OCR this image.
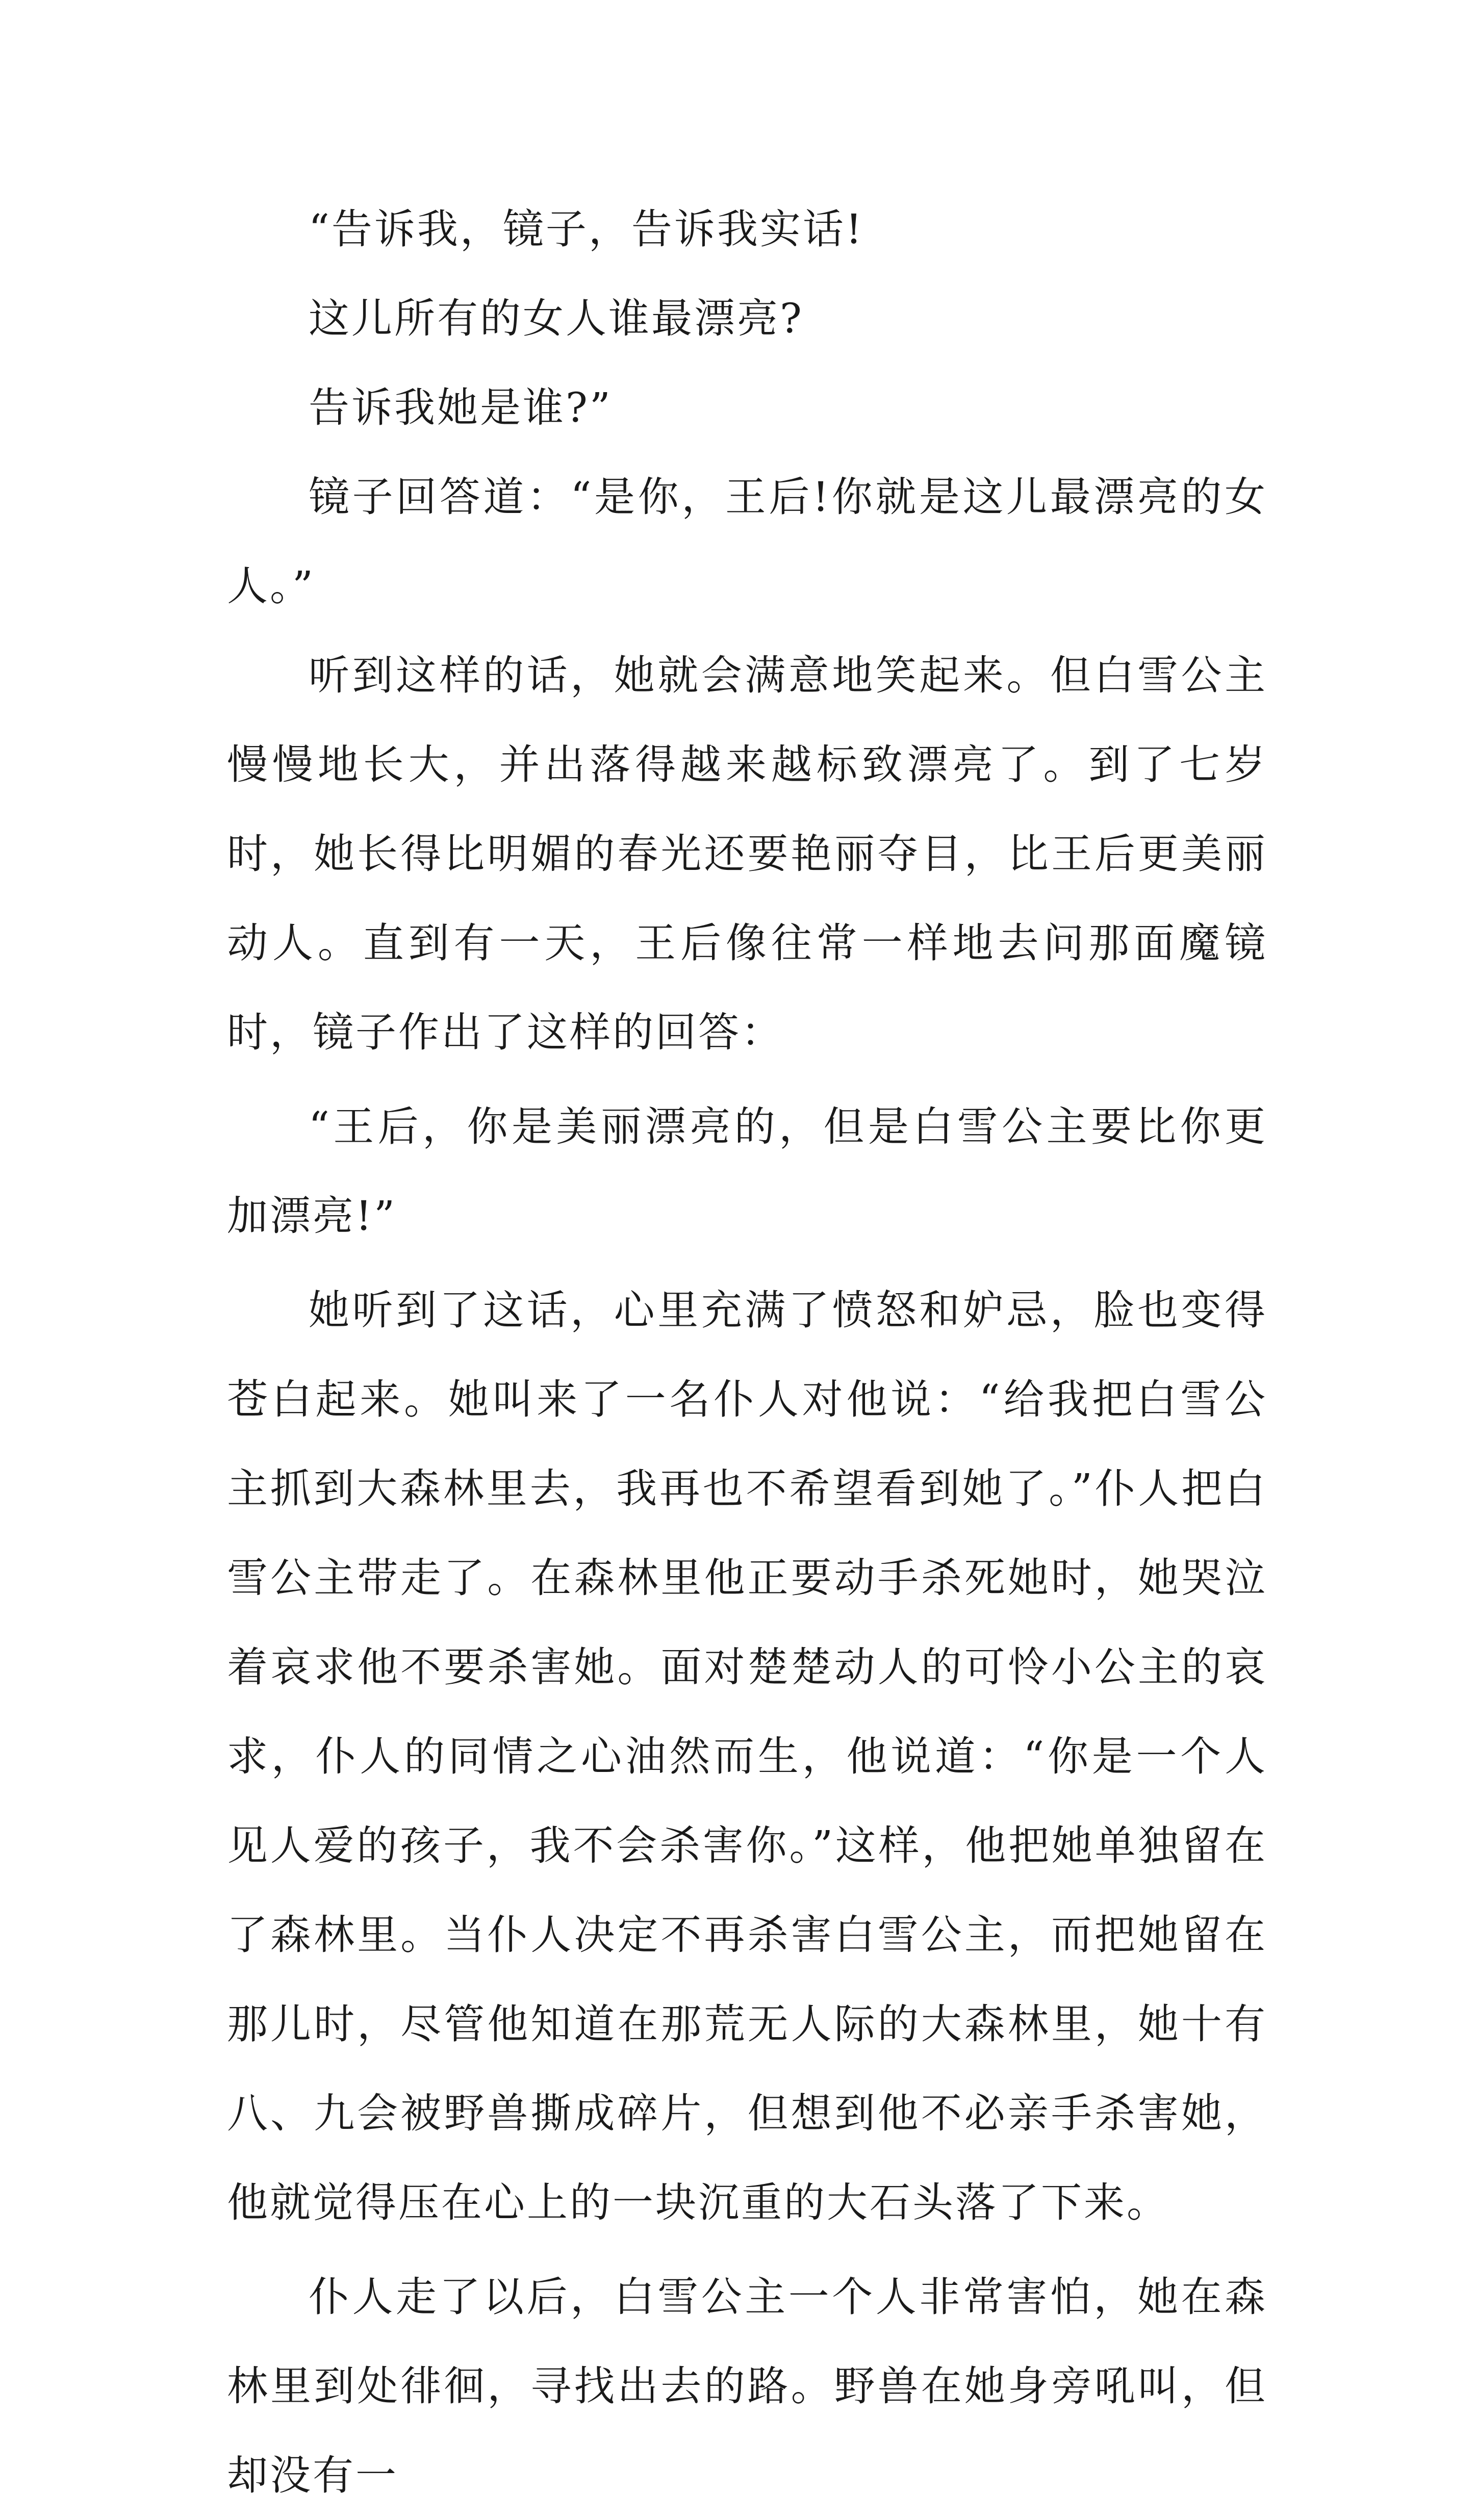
“告诉我，镜子，告诉我实话!

这儿所有的女人谁最漂亮?

告诉我她是谁?”

镜子回答道：“是你，王后!你就是这儿最漂亮的女人。”

听到这样的话，她就会满意地笑起来。但白雪公主慢慢地长大，并出落得越来越标致漂亮了。到了七岁时，她长得比明媚的春光还要艳丽夺目，比王后更美丽动人。直到有一天，王后像往常一样地去问那面魔镜时，镜子作出了这样的回答：

“王后，你是美丽漂亮的，但是白雪公主要比你更加漂亮!”

她听到了这话，心里充满了愤怒和妒忌，脸也变得苍白起来。她叫来了一名仆人对他说：“给我把白雪公主抓到大森林里去，我再也不希望看到她了。”仆人把白雪公主带走了。在森林里他正要动手杀死她时，她哭泣着哀求他不要杀害她。面对楚楚动人的可怜小公主的哀求，仆人的同情之心油然而生，他说道：“你是一个人见人爱的孩子，我不会杀害你。”这样，他把她单独留在了森林里。当仆人决定不再杀害白雪公主，而把她留在那儿时，尽管他知道在那荒无人际的大森林里，她十有八、九会被野兽撕成碎片，但想到他不必亲手杀害她，他就觉得压在心上的一块沉重的大石头落了下来。

仆人走了以后，白雪公主一个人非常害怕，她在森林里到处徘徊，寻找出去的路。野兽在她身旁吼叫，但却没有一
